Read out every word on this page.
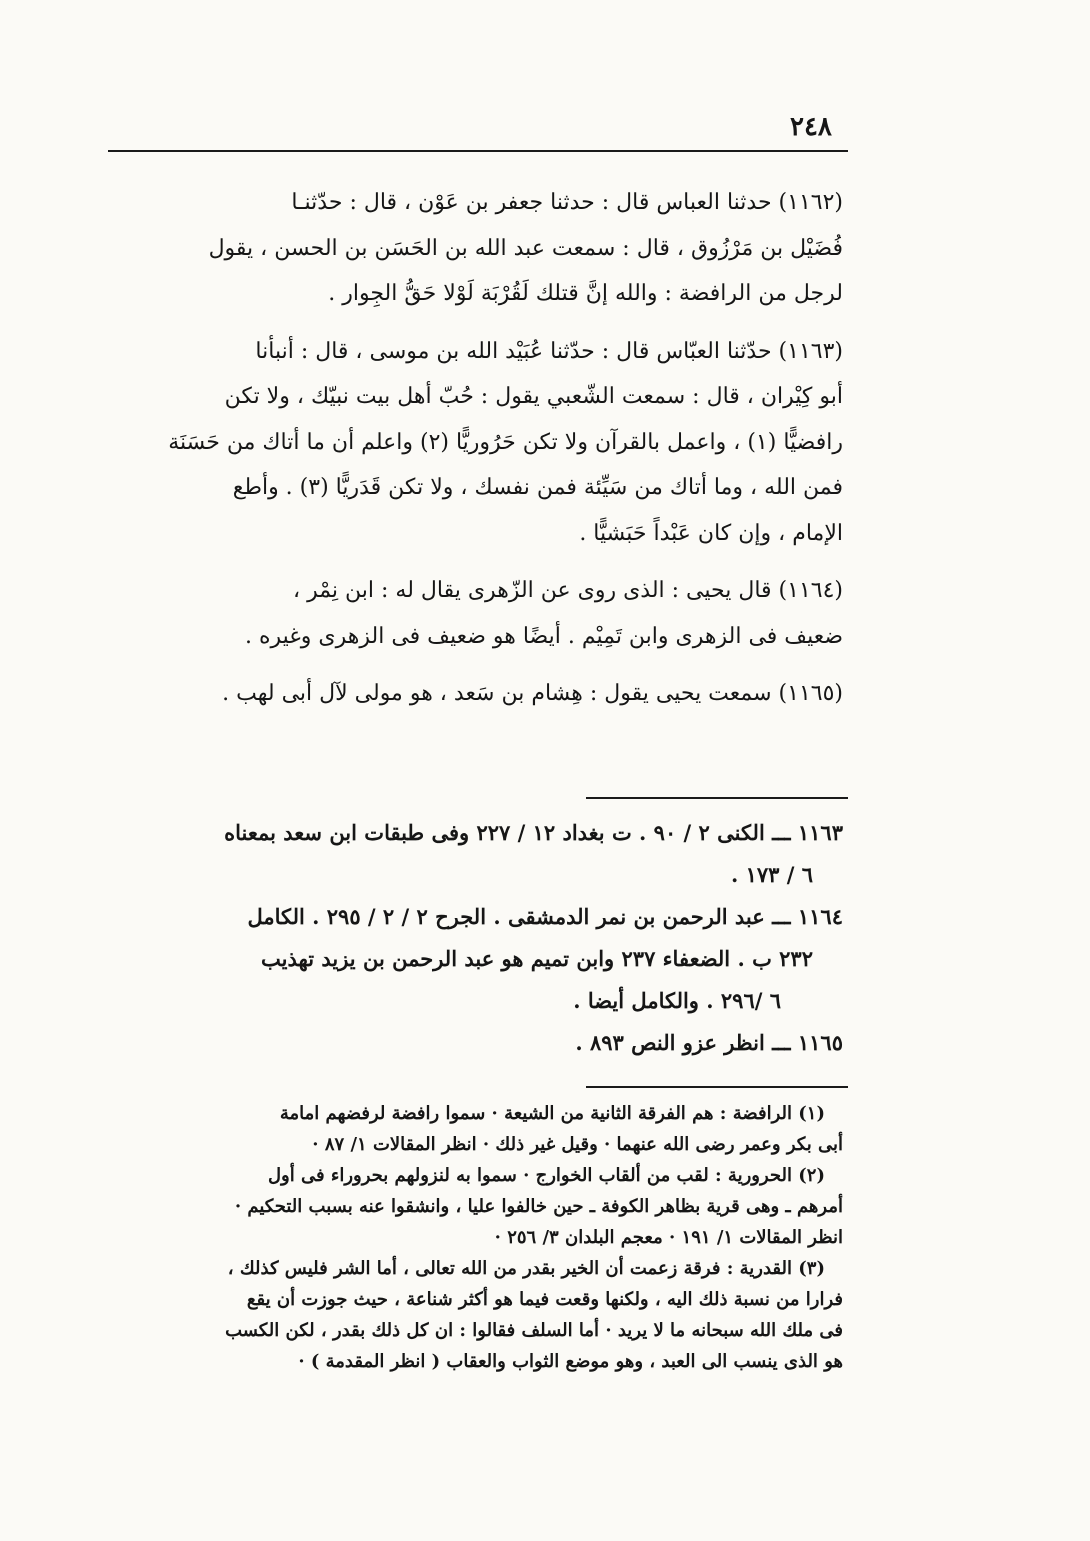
٢٤٨

(١١٦٢) حدثنا العباس قال : حدثنا جعفر بن عَوْن ، قال : حدّثنـا
فُضَيْل بن مَرْزُوق ، قال : سمعت عبد الله بن الحَسَن بن الحسن ، يقول
لرجل من الرافضة : والله إنَّ قتلك لَقُرْبَة لَوْلا حَقُّ الجِوار .

(١١٦٣) حدّثنا العبّاس قال : حدّثنا عُبَيْد الله بن موسى ، قال : أنبأنا
أبو كِيْران ، قال : سمعت الشّعبي يقول : حُبّ أهل بيت نبيّك ، ولا تكن
رافضيًّا (١) ، واعمل بالقرآن ولا تكن حَرُوريًّا (٢) واعلم أن ما أتاك من حَسَنَة
فمن الله ، وما أتاك من سَيِّئة فمن نفسك ، ولا تكن قَدَريًّا (٣) . وأطع
الإمام ، وإن كان عَبْداً حَبَشيًّا .

(١١٦٤) قال يحيى : الذى روى عن الزّهرى يقال له : ابن نِمْر ،
ضعيف فى الزهرى وابن تَمِيْم . أيضًا هو ضعيف فى الزهرى وغيره .

(١١٦٥) سمعت يحيى يقول : هِشام بن سَعد ، هو مولى لآل أبى لهب .

١١٦٣ ـــ الكنى ٢ / ٩٠ . ت بغداد ١٢ / ٢٢٧ وفى طبقات ابن سعد بمعناه
٦ / ١٧٣ .

١١٦٤ ـــ عبد الرحمن بن نمر الدمشقى . الجرح ٢ / ٢ / ٢٩٥ . الكامل
٢٣٢ ب . الضعفاء ٢٣٧ وابن تميم هو عبد الرحمن بن يزيد تهذيب
٦ /٢٩٦ . والكامل أيضا .

١١٦٥ ـــ انظر عزو النص ٨٩٣ .

(١) الرافضة : هم الفرقة الثانية من الشيعة · سموا رافضة لرفضهم امامة
أبى بكر وعمر رضى الله عنهما · وقيل غير ذلك · انظر المقالات ١/ ٨٧ ·

(٢) الحرورية : لقب من ألقاب الخوارج · سموا به لنزولهم بحروراء فى أول
أمرهم ـ وهى قرية بظاهر الكوفة ـ حين خالفوا عليا ، وانشقوا عنه بسبب التحكيم ·
انظر المقالات ١/ ١٩١ · معجم البلدان ٣/ ٢٥٦ ·

(٣) القدرية : فرقة زعمت أن الخير بقدر من الله تعالى ، أما الشر فليس كذلك ،
فرارا من نسبة ذلك اليه ، ولكنها وقعت فيما هو أكثر شناعة ، حيث جوزت أن يقع
فى ملك الله سبحانه ما لا يريد · أما السلف فقالوا : ان كل ذلك بقدر ، لكن الكسب
هو الذى ينسب الى العبد ، وهو موضع الثواب والعقاب ( انظر المقدمة ) ·
